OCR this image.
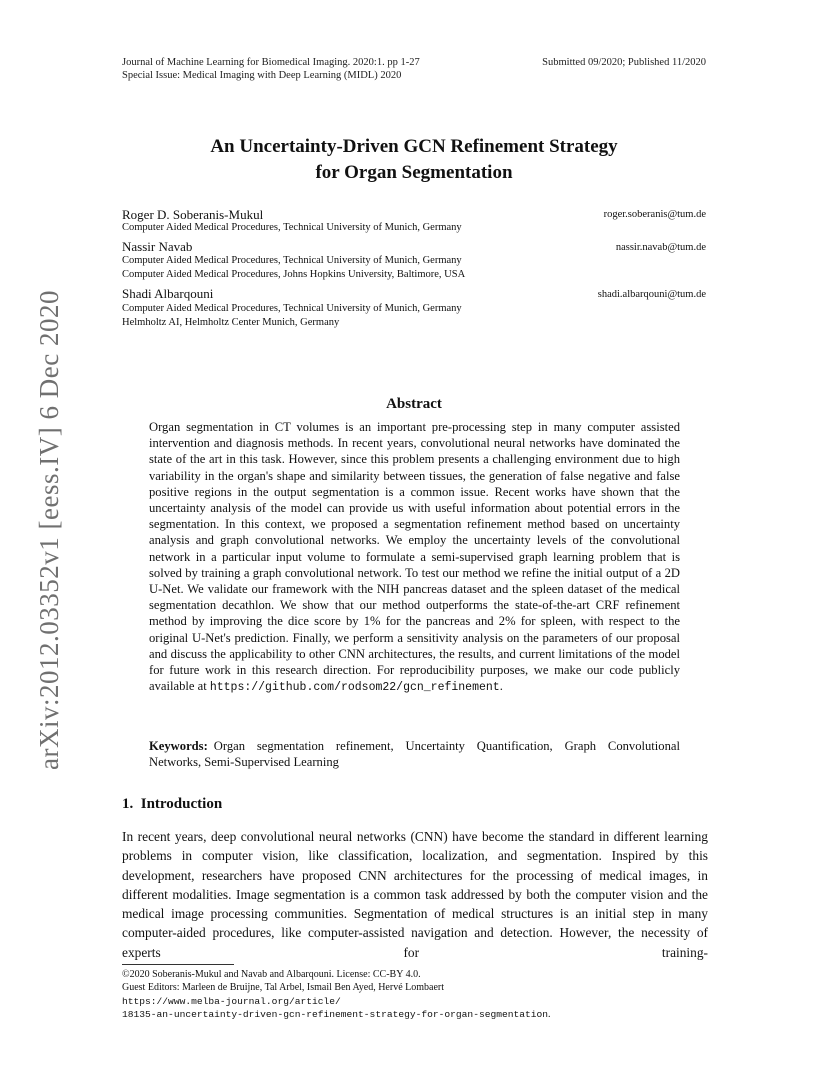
Journal of Machine Learning for Biomedical Imaging. 2020:1. pp 1-27
Special Issue: Medical Imaging with Deep Learning (MIDL) 2020
Submitted 09/2020; Published 11/2020
arXiv:2012.03352v1 [eess.IV] 6 Dec 2020
An Uncertainty-Driven GCN Refinement Strategy
for Organ Segmentation
Roger D. Soberanis-Mukul	roger.soberanis@tum.de
Computer Aided Medical Procedures, Technical University of Munich, Germany
Nassir Navab	nassir.navab@tum.de
Computer Aided Medical Procedures, Technical University of Munich, Germany
Computer Aided Medical Procedures, Johns Hopkins University, Baltimore, USA
Shadi Albarqouni	shadi.albarqouni@tum.de
Computer Aided Medical Procedures, Technical University of Munich, Germany
Helmholtz AI, Helmholtz Center Munich, Germany
Abstract
Organ segmentation in CT volumes is an important pre-processing step in many computer assisted intervention and diagnosis methods. In recent years, convolutional neural networks have dominated the state of the art in this task. However, since this problem presents a challenging environment due to high variability in the organ's shape and similarity between tissues, the generation of false negative and false positive regions in the output segmentation is a common issue. Recent works have shown that the uncertainty analysis of the model can provide us with useful information about potential errors in the segmentation. In this context, we proposed a segmentation refinement method based on uncertainty analysis and graph convolutional networks. We employ the uncertainty levels of the convolutional network in a particular input volume to formulate a semi-supervised graph learning problem that is solved by training a graph convolutional network. To test our method we refine the initial output of a 2D U-Net. We validate our framework with the NIH pancreas dataset and the spleen dataset of the medical segmentation decathlon. We show that our method outperforms the state-of-the-art CRF refinement method by improving the dice score by 1% for the pancreas and 2% for spleen, with respect to the original U-Net's prediction. Finally, we perform a sensitivity analysis on the parameters of our proposal and discuss the applicability to other CNN architectures, the results, and current limitations of the model for future work in this research direction. For reproducibility purposes, we make our code publicly available at https://github.com/rodsom22/gcn_refinement.
Keywords: Organ segmentation refinement, Uncertainty Quantification, Graph Convolutional Networks, Semi-Supervised Learning
1.  Introduction
In recent years, deep convolutional neural networks (CNN) have become the standard in different learning problems in computer vision, like classification, localization, and segmentation. Inspired by this development, researchers have proposed CNN architectures for the processing of medical images, in different modalities. Image segmentation is a common task addressed by both the computer vision and the medical image processing communities. Segmentation of medical structures is an initial step in many computer-aided procedures, like computer-assisted navigation and detection. However, the necessity of experts for training-
©2020 Soberanis-Mukul and Navab and Albarqouni. License: CC-BY 4.0.
Guest Editors: Marleen de Bruijne, Tal Arbel, Ismail Ben Ayed, Hervé Lombaert
https://www.melba-journal.org/article/
18135-an-uncertainty-driven-gcn-refinement-strategy-for-organ-segmentation.
